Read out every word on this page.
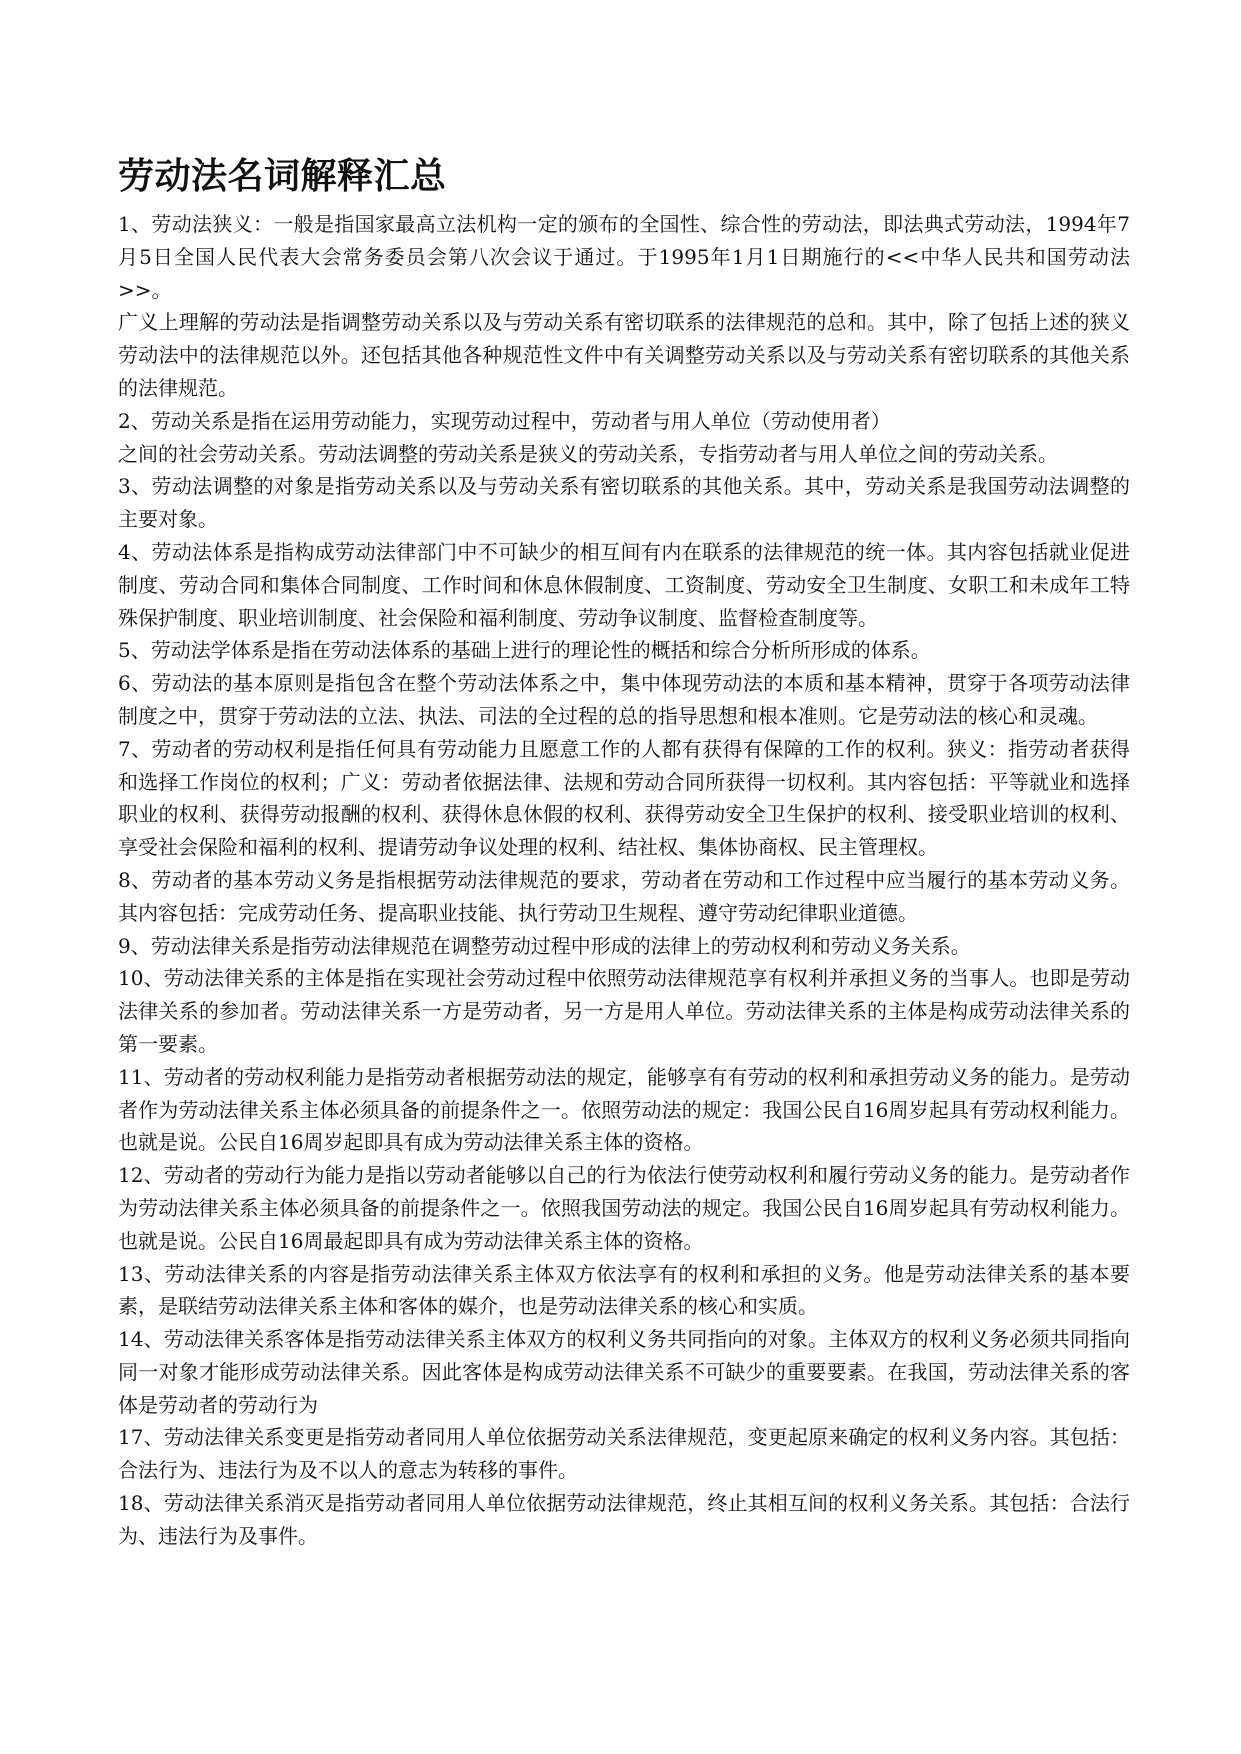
劳动法名词解释汇总

1、劳动法狭义：一般是指国家最高立法机构一定的颁布的全国性、综合性的劳动法，即法典式劳动法，1994年7月5日全国人民代表大会常务委员会第八次会议于通过。于1995年1月1日期施行的<<中华人民共和国劳动法>>。

广义上理解的劳动法是指调整劳动关系以及与劳动关系有密切联系的法律规范的总和。其中，除了包括上述的狭义劳动法中的法律规范以外。还包括其他各种规范性文件中有关调整劳动关系以及与劳动关系有密切联系的其他关系的法律规范。

2、劳动关系是指在运用劳动能力，实现劳动过程中，劳动者与用人单位（劳动使用者）

之间的社会劳动关系。劳动法调整的劳动关系是狭义的劳动关系，专指劳动者与用人单位之间的劳动关系。

3、劳动法调整的对象是指劳动关系以及与劳动关系有密切联系的其他关系。其中，劳动关系是我国劳动法调整的主要对象。

4、劳动法体系是指构成劳动法律部门中不可缺少的相互间有内在联系的法律规范的统一体。其内容包括就业促进制度、劳动合同和集体合同制度、工作时间和休息休假制度、工资制度、劳动安全卫生制度、女职工和未成年工特殊保护制度、职业培训制度、社会保险和福利制度、劳动争议制度、监督检查制度等。

5、劳动法学体系是指在劳动法体系的基础上进行的理论性的概括和综合分析所形成的体系。

6、劳动法的基本原则是指包含在整个劳动法体系之中，集中体现劳动法的本质和基本精神，贯穿于各项劳动法律制度之中，贯穿于劳动法的立法、执法、司法的全过程的总的指导思想和根本准则。它是劳动法的核心和灵魂。

7、劳动者的劳动权利是指任何具有劳动能力且愿意工作的人都有获得有保障的工作的权利。狭义：指劳动者获得和选择工作岗位的权利；广义：劳动者依据法律、法规和劳动合同所获得一切权利。其内容包括：平等就业和选择职业的权利、获得劳动报酬的权利、获得休息休假的权利、获得劳动安全卫生保护的权利、接受职业培训的权利、享受社会保险和福利的权利、提请劳动争议处理的权利、结社权、集体协商权、民主管理权。

8、劳动者的基本劳动义务是指根据劳动法律规范的要求，劳动者在劳动和工作过程中应当履行的基本劳动义务。其内容包括：完成劳动任务、提高职业技能、执行劳动卫生规程、遵守劳动纪律职业道德。

9、劳动法律关系是指劳动法律规范在调整劳动过程中形成的法律上的劳动权利和劳动义务关系。

10、劳动法律关系的主体是指在实现社会劳动过程中依照劳动法律规范享有权利并承担义务的当事人。也即是劳动法律关系的参加者。劳动法律关系一方是劳动者，另一方是用人单位。劳动法律关系的主体是构成劳动法律关系的第一要素。

11、劳动者的劳动权利能力是指劳动者根据劳动法的规定，能够享有有劳动的权利和承担劳动义务的能力。是劳动者作为劳动法律关系主体必须具备的前提条件之一。依照劳动法的规定：我国公民自16周岁起具有劳动权利能力。也就是说。公民自16周岁起即具有成为劳动法律关系主体的资格。

12、劳动者的劳动行为能力是指以劳动者能够以自己的行为依法行使劳动权利和履行劳动义务的能力。是劳动者作为劳动法律关系主体必须具备的前提条件之一。依照我国劳动法的规定。我国公民自16周岁起具有劳动权利能力。也就是说。公民自16周最起即具有成为劳动法律关系主体的资格。

13、劳动法律关系的内容是指劳动法律关系主体双方依法享有的权利和承担的义务。他是劳动法律关系的基本要素，是联结劳动法律关系主体和客体的媒介，也是劳动法律关系的核心和实质。

14、劳动法律关系客体是指劳动法律关系主体双方的权利义务共同指向的对象。主体双方的权利义务必须共同指向同一对象才能形成劳动法律关系。因此客体是构成劳动法律关系不可缺少的重要要素。在我国，劳动法律关系的客体是劳动者的劳动行为

17、劳动法律关系变更是指劳动者同用人单位依据劳动关系法律规范，变更起原来确定的权利义务内容。其包括：合法行为、违法行为及不以人的意志为转移的事件。

18、劳动法律关系消灭是指劳动者同用人单位依据劳动法律规范，终止其相互间的权利义务关系。其包括：合法行为、违法行为及事件。
